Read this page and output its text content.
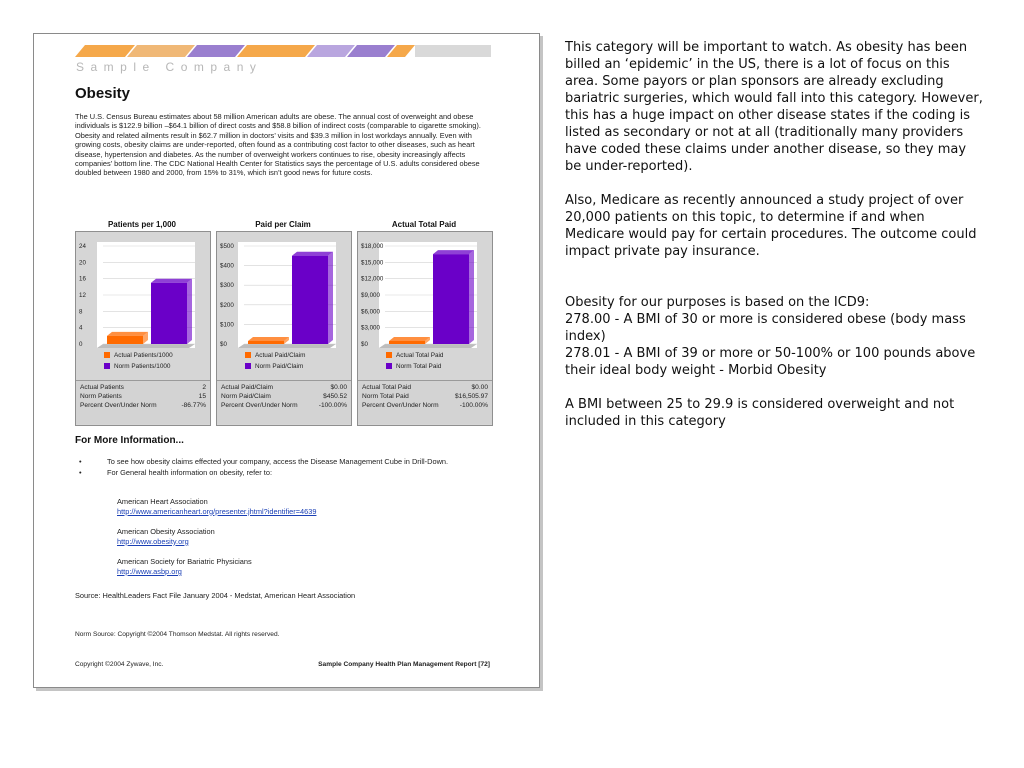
Sample Company
Obesity

The U.S. Census Bureau estimates about 58 million American adults are obese. The annual cost of overweight and obese individuals is $122.9 billion –$64.1 billion of direct costs and $58.8 billion of indirect costs (comparable to cigarette smoking). Obesity and related ailments result in $62.7 million in doctors’ visits and $39.3 million in lost workdays annually. Even with growing costs, obesity claims are under-reported, often found as a contributing cost factor to other diseases, such as heart disease, hypertension and diabetes. As the number of overweight workers continues to rise, obesity increasingly affects companies’ bottom line. The CDC National Health Center for Statistics says the percentage of U.S. adults considered obese doubled between 1980 and 2000, from 15% to 31%, which isn’t good news for future costs.

Patients per 1,000
0
4
8
12
16
20
24
Actual Patients/1000
Norm Patients/1000
Actual Patients	2
Norm Patients	15
Percent Over/Under Norm	-86.77%
Paid per Claim
$0
$100
$200
$300
$400
$500
Actual Paid/Claim
Norm Paid/Claim
Actual Paid/Claim	$0.00
Norm Paid/Claim	$450.52
Percent Over/Under Norm	-100.00%
Actual Total Paid
$0
$3,000
$6,000
$9,000
$12,000
$15,000
$18,000
Actual Total Paid
Norm Total Paid
Actual Total Paid	$0.00
Norm Total Paid	$16,505.97
Percent Over/Under Norm	-100.00%
For More Information...
•	To see how obesity claims effected your company, access the Disease Management Cube in Drill-Down.
•	For General health information on obesity, refer to:
American Heart Association
http://www.americanheart.org/presenter.jhtml?identifier=4639
American Obesity Association
http://www.obesity.org
American Society for Bariatric Physicians
http://www.asbp.org
Source: HealthLeaders Fact File January 2004 - Medstat, American Heart Association
Norm Source: Copyright ©2004 Thomson Medstat. All rights reserved.
Copyright ©2004 Zywave, Inc.	Sample Company Health Plan Management Report [72]

This category will be important to watch. As obesity has been billed an ‘epidemic’ in the US, there is a lot of focus on this area. Some payors or plan sponsors are already excluding bariatric surgeries, which would fall into this category. However, this has a huge impact on other disease states if the coding is listed as secondary or not at all (traditionally many providers have coded these claims under another disease, so they may be under-reported).

Also, Medicare as recently announced a study project of over 20,000 patients on this topic, to determine if and when Medicare would pay for certain procedures. The outcome could impact private pay insurance.

Obesity for our purposes is based on the ICD9:

278.00 - A BMI of 30 or more is considered obese (body mass index)

278.01 - A BMI of 39 or more or 50-100% or 100 pounds above their ideal body weight - Morbid Obesity

A BMI between 25 to 29.9 is considered overweight and not included in this category
